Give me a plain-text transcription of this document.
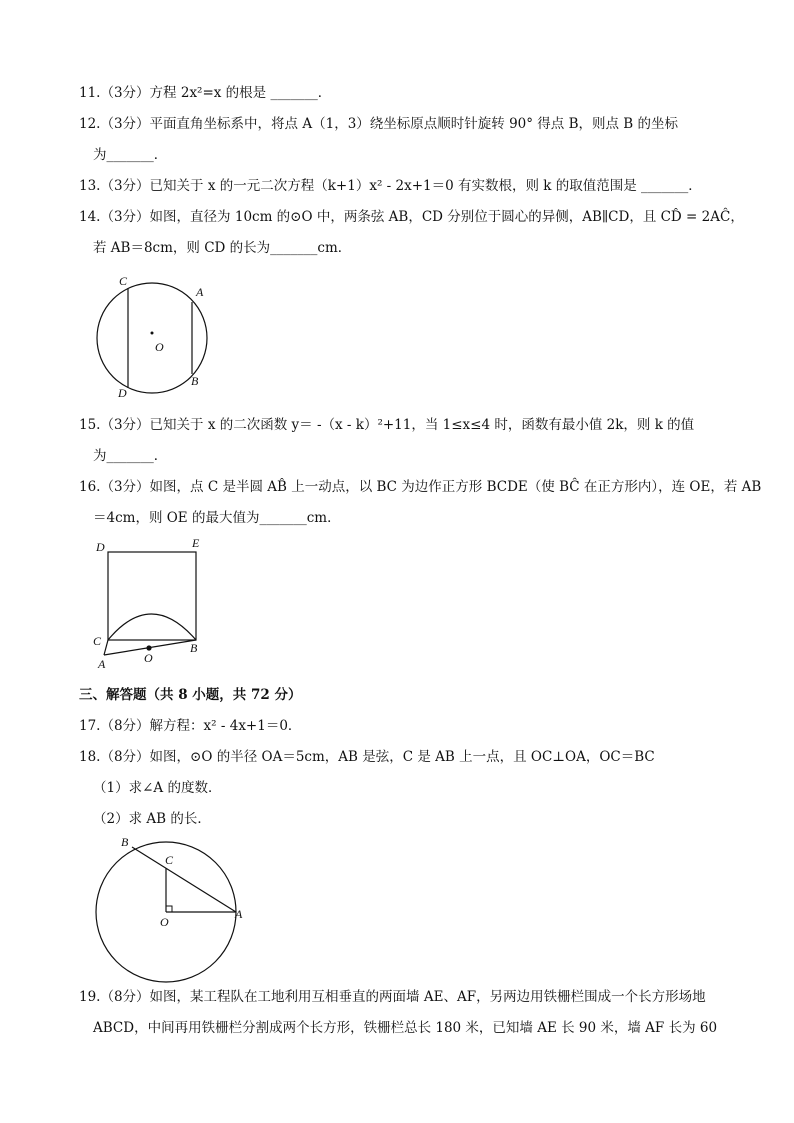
11.（3分）方程 2x²=x 的根是 _______．
12.（3分）平面直角坐标系中，将点 A（1，3）绕坐标原点顺时针旋转 90° 得点 B，则点 B 的坐标
为_______．
13.（3分）已知关于 x 的一元二次方程（k+1）x² - 2x+1＝0 有实数根，则 k 的取值范围是 _______．
14.（3分）如图，直径为 10cm 的⊙O 中，两条弦 AB，CD 分别位于圆心的异侧，AB∥CD，且 CD̂ = 2AĈ，
若 AB＝8cm，则 CD 的长为_______cm．
C
A
O
D
B
15.（3分）已知关于 x 的二次函数 y＝ -（x - k）²+11，当 1≤x≤4 时，函数有最小值 2k，则 k 的值
为_______．
16.（3分）如图，点 C 是半圆 AB̂ 上一动点，以 BC 为边作正方形 BCDE（使 BĈ 在正方形内），连 OE，若 AB
＝4cm，则 OE 的最大值为_______cm．
D	E
C	B
A	O
三、解答题（共 8 小题，共 72 分）
17.（8分）解方程：x² - 4x+1＝0．
18.（8分）如图，⊙O 的半径 OA＝5cm，AB 是弦，C 是 AB 上一点，且 OC⊥OA，OC＝BC
（1）求∠A 的度数．
（2）求 AB 的长．
B
C
O
A
19.（8分）如图，某工程队在工地利用互相垂直的两面墙 AE、AF，另两边用铁栅栏围成一个长方形场地
ABCD，中间再用铁栅栏分割成两个长方形，铁栅栏总长 180 米，已知墙 AE 长 90 米，墙 AF 长为 60
